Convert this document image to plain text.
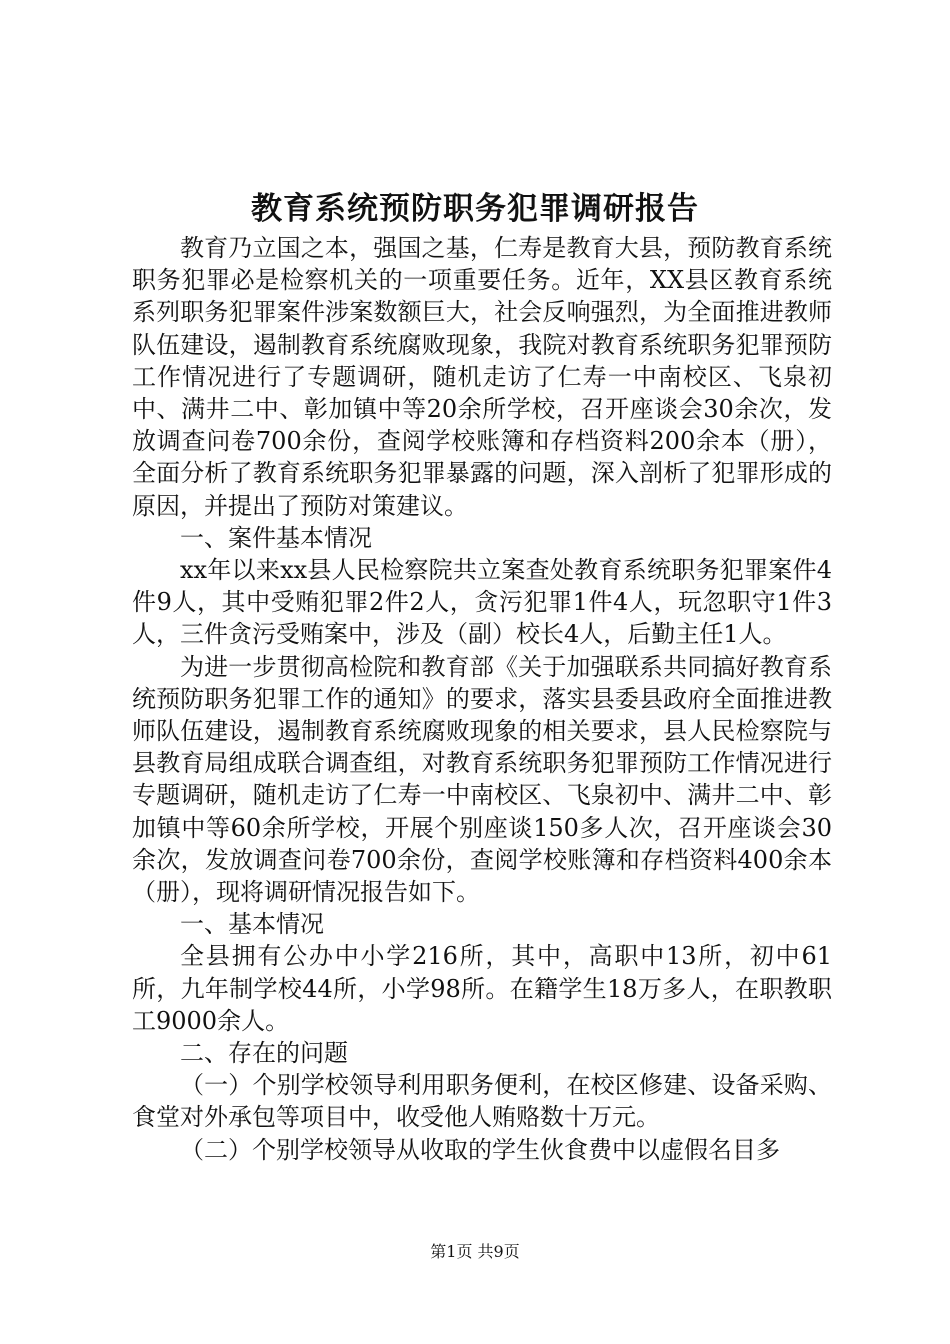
教育系统预防职务犯罪调研报告

教育乃立国之本，强国之基，仁寿是教育大县，预防教育系统职务犯罪必是检察机关的一项重要任务。近年，XX县区教育系统系列职务犯罪案件涉案数额巨大，社会反响强烈，为全面推进教师队伍建设，遏制教育系统腐败现象，我院对教育系统职务犯罪预防工作情况进行了专题调研，随机走访了仁寿一中南校区、飞泉初中、满井二中、彰加镇中等20余所学校，召开座谈会30余次，发放调查问卷700余份，查阅学校账簿和存档资料200余本（册），全面分析了教育系统职务犯罪暴露的问题，深入剖析了犯罪形成的原因，并提出了预防对策建议。

一、案件基本情况

xx年以来xx县人民检察院共立案查处教育系统职务犯罪案件4件9人，其中受贿犯罪2件2人，贪污犯罪1件4人，玩忽职守1件3人，三件贪污受贿案中，涉及（副）校长4人，后勤主任1人。

为进一步贯彻高检院和教育部《关于加强联系共同搞好教育系统预防职务犯罪工作的通知》的要求，落实县委县政府全面推进教师队伍建设，遏制教育系统腐败现象的相关要求，县人民检察院与县教育局组成联合调查组，对教育系统职务犯罪预防工作情况进行专题调研，随机走访了仁寿一中南校区、飞泉初中、满井二中、彰加镇中等60余所学校，开展个别座谈150多人次，召开座谈会30余次，发放调查问卷700余份，查阅学校账簿和存档资料400余本（册），现将调研情况报告如下。

一、基本情况

全县拥有公办中小学216所，其中，高职中13所，初中61所，九年制学校44所，小学98所。在籍学生18万多人，在职教职工9000余人。

二、存在的问题

（一）个别学校领导利用职务便利，在校区修建、设备采购、食堂对外承包等项目中，收受他人贿赂数十万元。

（二）个别学校领导从收取的学生伙食费中以虚假名目多

第1页 共9页
